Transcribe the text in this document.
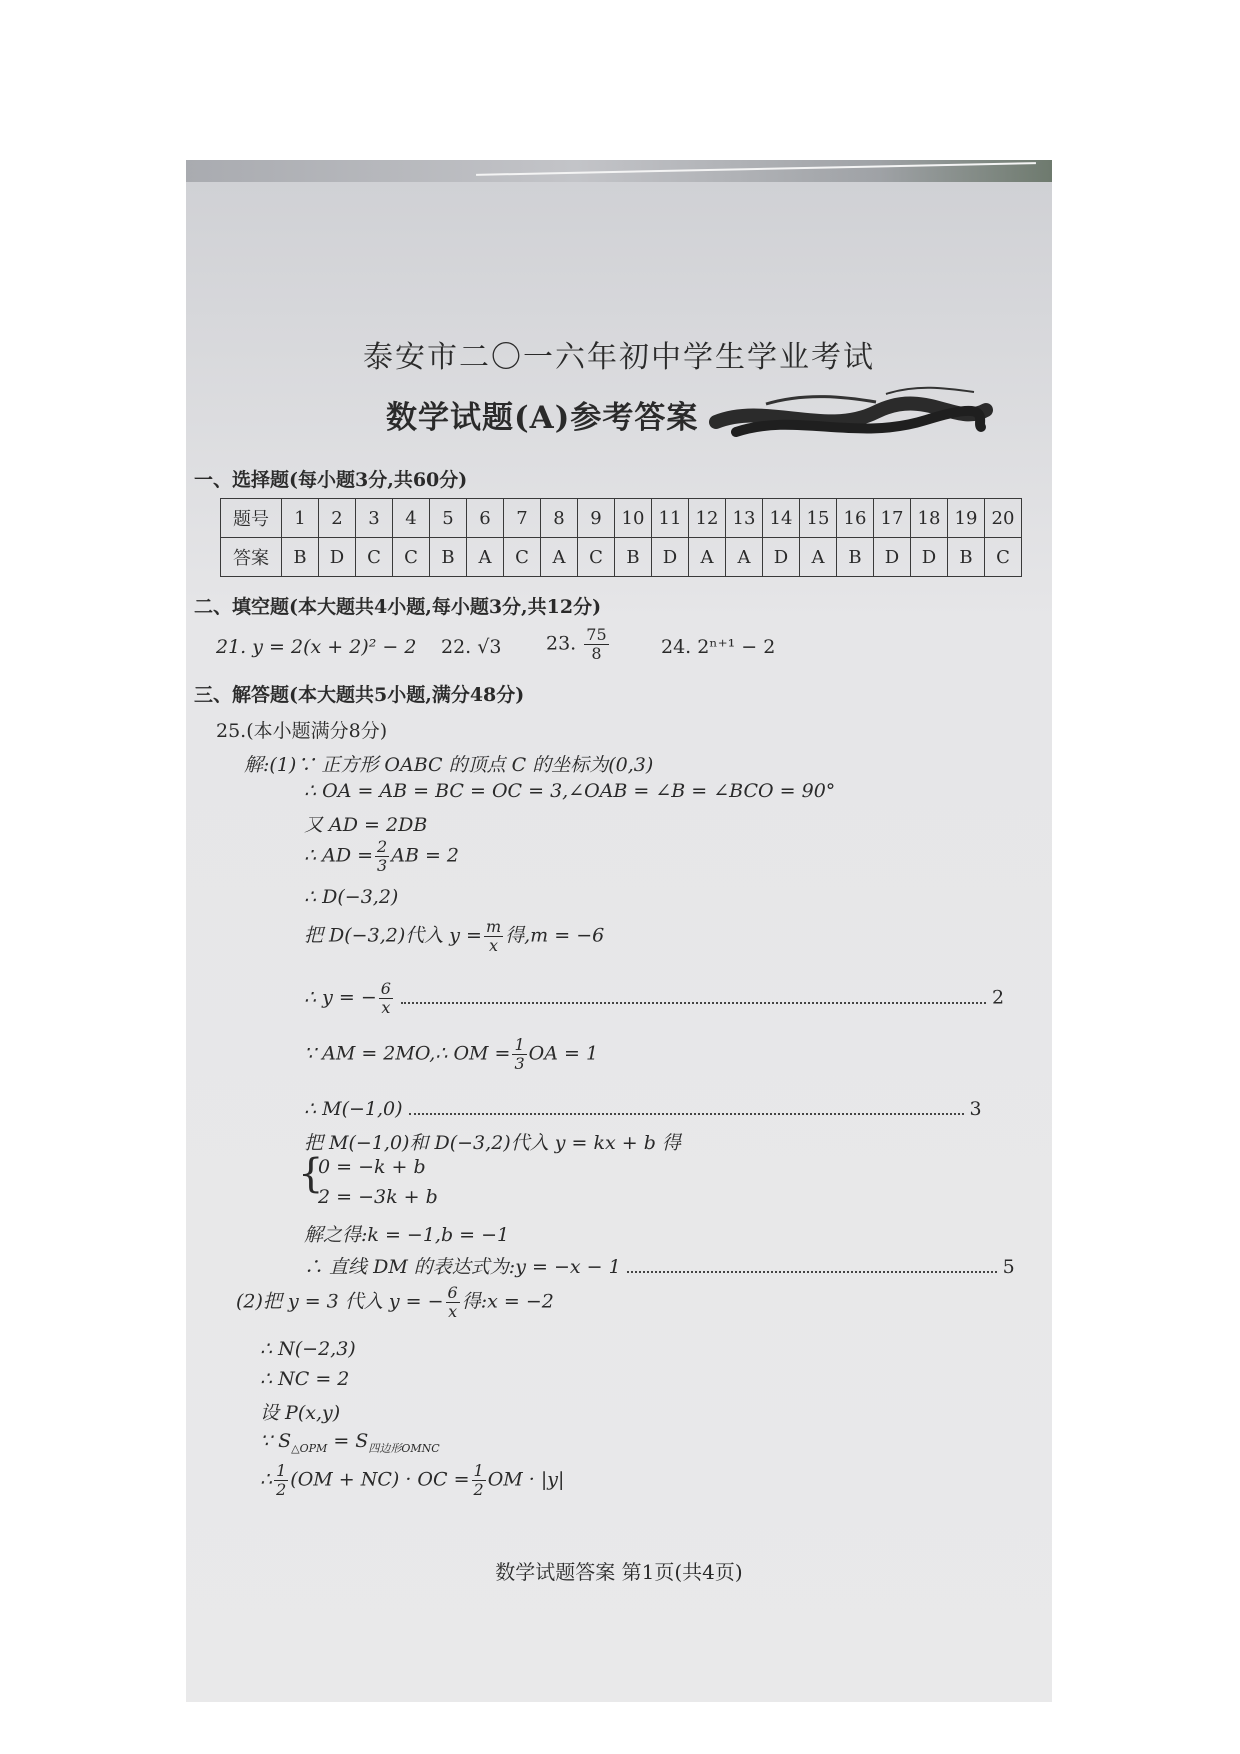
泰安市二〇一六年初中学生学业考试
数学试题(A)参考答案
一、选择题(每小题3分,共60分)
题号	1	2	3	4	5	6	7	8	9	10	11	12	13	14	15	16	17	18	19	20
答案	B	D	C	C	B	A	C	A	C	B	D	A	A	D	A	B	D	D	B	C
二、填空题(本大题共4小题,每小题3分,共12分)
21. y = 2(x + 2)² − 2 22. √3 23. $\frac{75}{8}$	24. 2ⁿ⁺¹ − 2
三、解答题(本大题共5小题,满分48分)
25.(本小题满分8分)
解:(1)∵ 正方形 OABC 的顶点 C 的坐标为(0,3)
∴ OA = AB = BC = OC = 3,∠OAB = ∠B = ∠BCO = 90°
又 AD = 2DB
∴ AD = $\frac{2}{3}$ AB = 2
∴ D(−3,2)
把 D(−3,2)代入 $y = \frac{m}{x}$ 得,m = −6
∴ y = − $\frac{6}{x}$	2
∵ AM = 2MO,∴ OM = $\frac{1}{3}$ OA = 1
∴ M(−1,0)	3
把 M(−1,0)和 D(−3,2)代入 y = kx + b 得
{
0 = −k + b
2 = −3k + b
解之得:k = −1,b = −1
∴ 直线 DM 的表达式为:y = −x − 1	5
(2)把 y = 3 代入 y = − $\frac{6}{x}$ 得:x = −2
∴ N(−2,3)
∴ NC = 2
设 P(x,y)
∵ $S_{\triangle OPM} = S_{四边形OMNC}$
∴ $\frac{1}{2} (OM + NC)$ · OC = $\frac{1}{2}$ OM · |y|
数学试题答案 第1页(共4页)
